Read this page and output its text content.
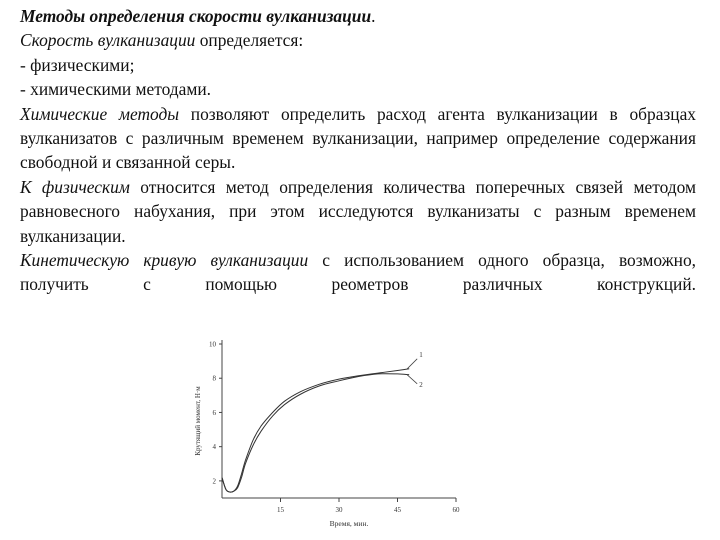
Методы определения скорости вулканизации.

Скорость вулканизации определяется:

- физическими;

- химическими методами.

Химические методы позволяют определить расход агента вулканизации в образцах вулканизатов с различным временем вулканизации, например определение содержания свободной и связанной серы.

К физическим относится метод определения количества поперечных связей методом равновесного набухания, при этом исследуются вулканизаты с разным временем вулканизации.

Кинетическую кривую вулканизации с использованием одного образца, возможно, получить с помощью реометров различных конструкций.

2
4
6
8
10
15	30	45	60
1
2
Крутящий момент, Н·м
Время, мин.
